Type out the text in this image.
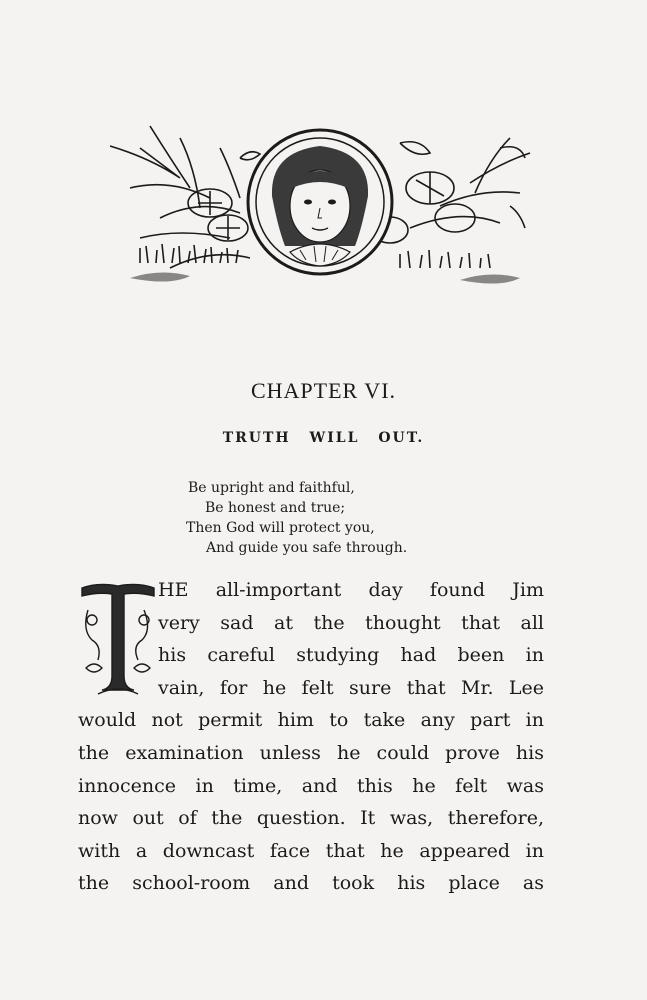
CHAPTER VI.
TRUTH WILL OUT.
Be upright and faithful,
Be honest and true;
Then God will protect you,
And guide you safe through.
T
HE all-important day found Jim
very sad at the thought that all
his careful studying had been in
vain, for he felt sure that Mr. Lee
would not permit him to take any part in
the examination unless he could prove his
innocence in time, and this he felt was
now out of the question. It was, therefore,
with a downcast face that he appeared in
the school-room and took his place as
